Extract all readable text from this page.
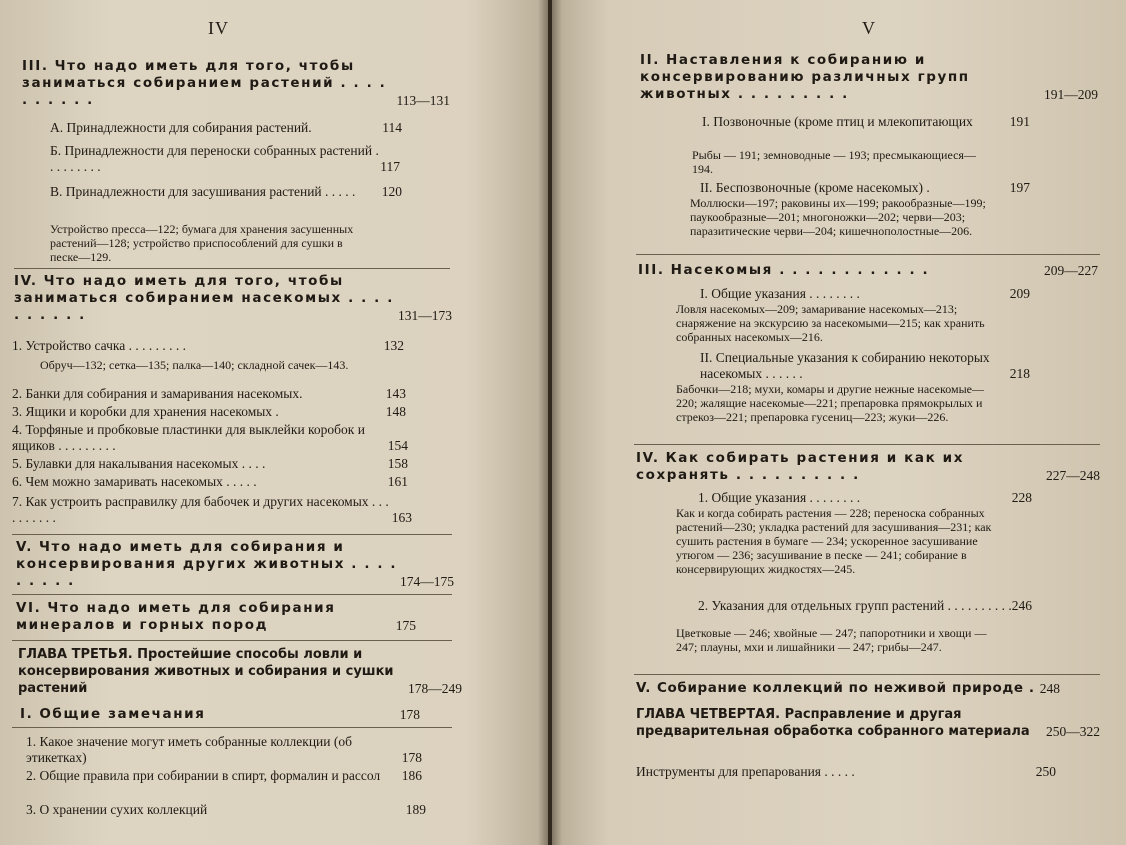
IV
III. Что надо иметь для того, чтобы заниматься собиранием растений . . . . . . . . . .	113—131
А. Принадлежности для собирания растений.	114
Б. Принадлежности для переноски собранных растений . . . . . . . . .	117
В. Принадлежности для засушивания растений . . . . .	120
Устройство пресса—122; бумага для хранения засушенных растений—128; устройство приспособлений для сушки в песке—129.
IV. Что надо иметь для того, чтобы заниматься собиранием насекомых . . . . . . . . . .	131—173
1. Устройство сачка . . . . . . . . .	132
Обруч—132; сетка—135; палка—140; складной сачек—143.
2. Банки для собирания и замаривания насекомых.	143
3. Ящики и коробки для хранения насекомых .	148
4. Торфяные и пробковые пластинки для выклейки коробок и ящиков . . . . . . . . .	154
5. Булавки для накалывания насекомых . . . .	158
6. Чем можно замаривать насекомых . . . . .	161
7. Как устроить расправилку для бабочек и других насекомых . . . . . . . . . .	163
V. Что надо иметь для собирания и консервирования других животных . . . . . . . . .	174—175
VI. Что надо иметь для собирания минералов и горных пород	175
ГЛАВА ТРЕТЬЯ. Простейшие способы ловли и консервирования животных и собирания и сушки растений	178—249
I. Общие замечания	178
1. Какое значение могут иметь собранные коллекции (об этикетках)	178
2. Общие правила при собирании в спирт, формалин и рассол	186
3. О хранении сухих коллекций	189
V
II. Наставления к собиранию и консервированию различных групп животных . . . . . . . . .	191—209
I. Позвоночные (кроме птиц и млекопитающих	191
Рыбы — 191; земноводные — 193; пресмыкающиеся—194.
II. Беспозвоночные (кроме насекомых) .	197
Моллюски—197; раковины их—199; ракообразные—199; паукообразные—201; многоножки—202; черви—203; паразитические черви—204; кишечнополостные—206.
III. Насекомыя . . . . . . . . . . . .	209—227
I. Общие указания . . . . . . . .	209
Ловля насекомых—209; замаривание насекомых—213; снаряжение на экскурсию за насекомыми—215; как хранить собранных насекомых—216.
II. Специальные указания к собиранию некоторых насекомых . . . . . .	218
Бабочки—218; мухи, комары и другие нежные насекомые—220; жалящие насекомые—221; препаровка прямокрылых и стрекоз—221; препаровка гусениц—223; жуки—226.
IV. Как собирать растения и как их сохранять . . . . . . . . . .	227—248
1. Общие указания . . . . . . . .	228
Как и когда собирать растения — 228; переноска собранных растений—230; укладка растений для засушивания—231; как сушить растения в бумаге — 234; ускоренное засушивание утюгом — 236; засушивание в песке — 241; собирание в консервирующих жидкостях—245.
2. Указания для отдельных групп растений . . . . . . . . . . 246
Цветковые — 246; хвойные — 247; папоротники и хвощи — 247; плауны, мхи и лишайники — 247; грибы—247.
V. Собирание коллекций по неживой природе . 248
ГЛАВА ЧЕТВЕРТАЯ. Расправление и другая предварительная обработка собранного материала	250—322
Инструменты для препарования . . . . .	250
